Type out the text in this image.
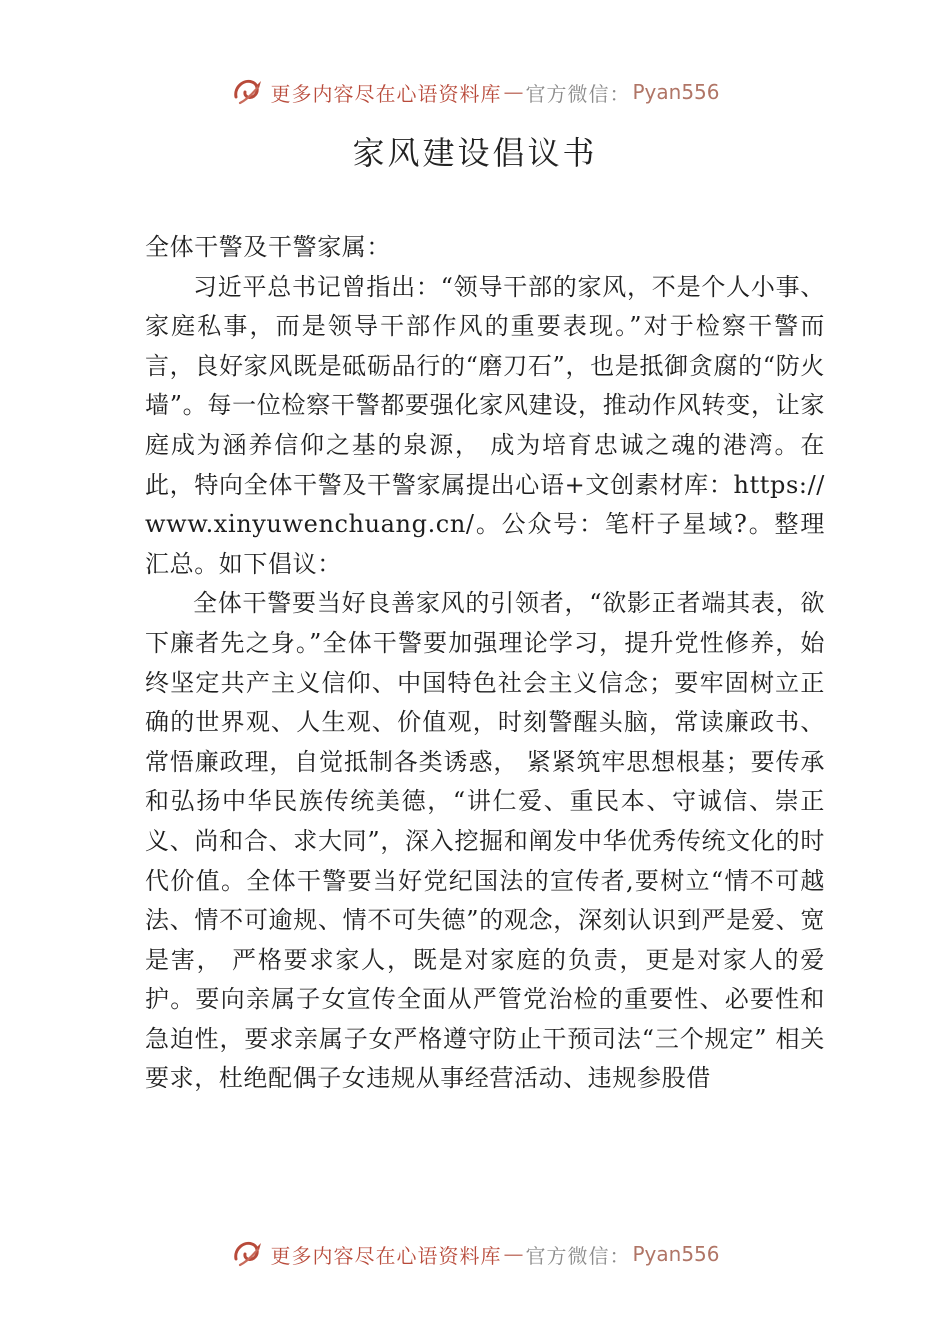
更多内容尽在心语资料库 — 官方微信： Pyan556
家风建设倡议书

全体干警及干警家属：

习近平总书记曾指出：“领导干部的家风，不是个人小事、家庭私事，而是领导干部作风的重要表现。”对于检察干警而言，良好家风既是砥砺品行的“磨刀石”，也是抵御贪腐的“防火墙”。每一位检察干警都要强化家风建设，推动作风转变，让家庭成为涵养信仰之基的泉源， 成为培育忠诚之魂的港湾。在此，特向全体干警及干警家属提出心语+文创素材库：https://www.xinyuwenchuang.cn/。公众号：笔杆子星域?。整理汇总。如下倡议：

全体干警要当好良善家风的引领者，“欲影正者端其表，欲下廉者先之身。”全体干警要加强理论学习，提升党性修养，始终坚定共产主义信仰、中国特色社会主义信念；要牢固树立正确的世界观、人生观、价值观，时刻警醒头脑，常读廉政书、常悟廉政理，自觉抵制各类诱惑， 紧紧筑牢思想根基；要传承和弘扬中华民族传统美德，“讲仁爱、重民本、守诚信、崇正义、尚和合、求大同”，深入挖掘和阐发中华优秀传统文化的时代价值。全体干警要当好党纪国法的宣传者,要树立“情不可越法、情不可逾规、情不可失德”的观念，深刻认识到严是爱、宽是害， 严格要求家人，既是对家庭的负责，更是对家人的爱护。要向亲属子女宣传全面从严管党治检的重要性、必要性和急迫性，要求亲属子女严格遵守防止干预司法“三个规定” 相关要求，杜绝配偶子女违规从事经营活动、违规参股借

更多内容尽在心语资料库 — 官方微信： Pyan556
